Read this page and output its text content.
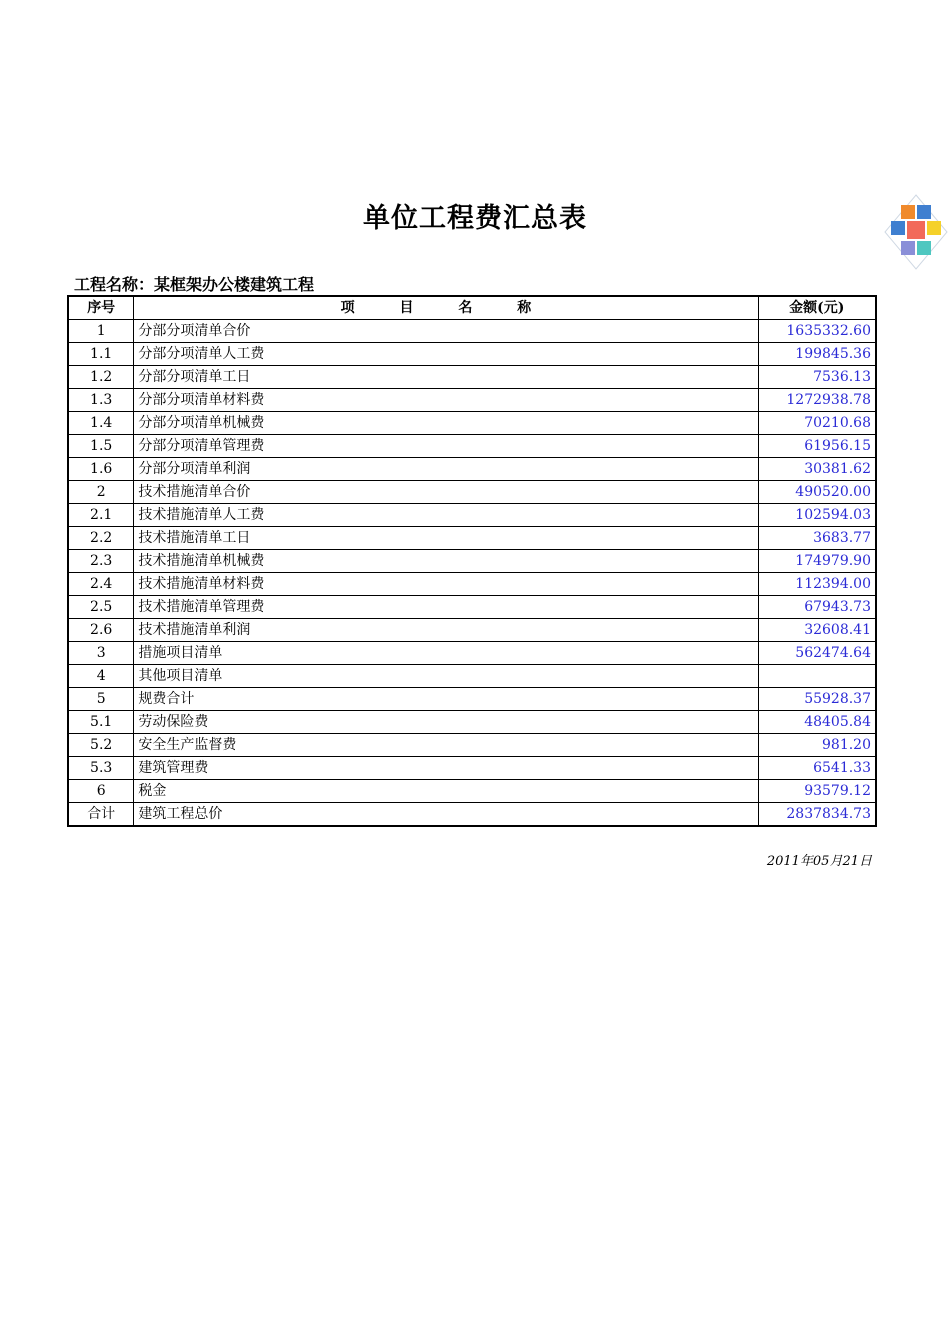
单位工程费汇总表
工程名称：某框架办公楼建筑工程
序号	项 目 名 称	金额(元)
1	分部分项清单合价	1635332.60
1.1	分部分项清单人工费	199845.36
1.2	分部分项清单工日	7536.13
1.3	分部分项清单材料费	1272938.78
1.4	分部分项清单机械费	70210.68
1.5	分部分项清单管理费	61956.15
1.6	分部分项清单利润	30381.62
2	技术措施清单合价	490520.00
2.1	技术措施清单人工费	102594.03
2.2	技术措施清单工日	3683.77
2.3	技术措施清单机械费	174979.90
2.4	技术措施清单材料费	112394.00
2.5	技术措施清单管理费	67943.73
2.6	技术措施清单利润	32608.41
3	措施项目清单	562474.64
4	其他项目清单	
5	规费合计	55928.37
5.1	劳动保险费	48405.84
5.2	安全生产监督费	981.20
5.3	建筑管理费	6541.33
6	税金	93579.12
合计	建筑工程总价	2837834.73
2011年05月21日
